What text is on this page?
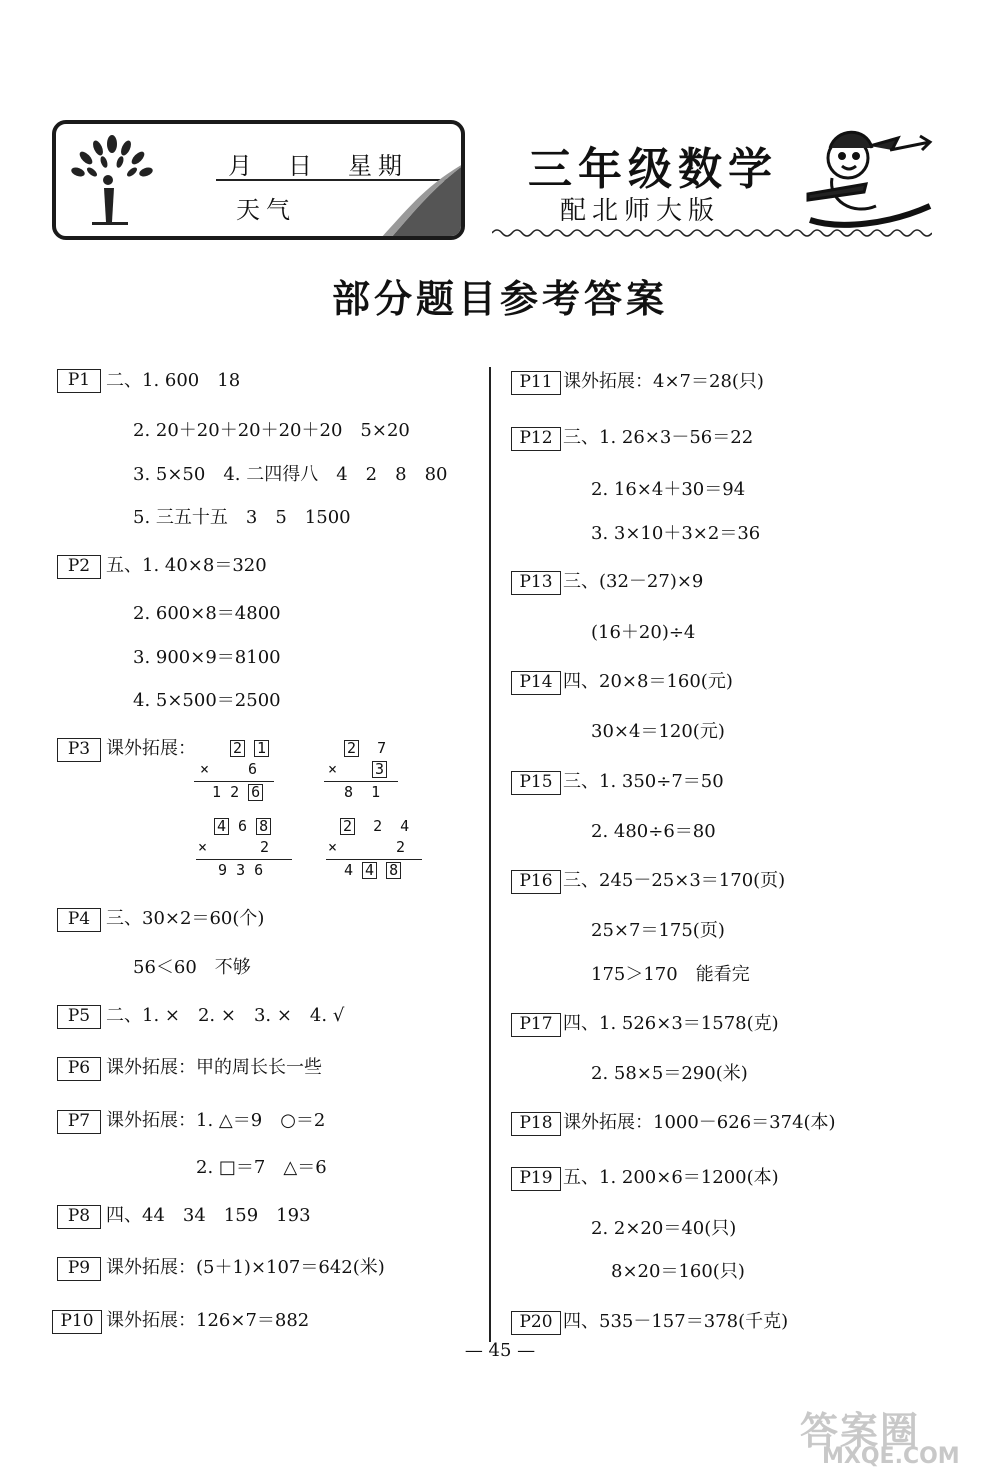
月　日　星期
天气
三年级数学
配北师大版
部分题目参考答案
P1 二、1. 600　18
2. 20＋20＋20＋20＋20　5×20
3. 5×50　4. 二四得八　4　2　8　80
5. 三五十五　3　5　1500
P2 五、1. 40×8＝320
2. 600×8＝4800
3. 900×9＝8100
4. 5×500＝2500
P3 课外拓展： 2 1
×	6
1 2 6
2 7
×	3
8 1
4 6 8
×	2
9 3 6
2 2 4
×	2
4 4 8
P4 三、30×2＝60(个)
56＜60　不够
P5 二、1. ×　2. ×　3. ×　4. √
P6 课外拓展：甲的周长长一些
P7 课外拓展：1. △＝9　○＝2
2. □＝7　△＝6
P8 四、44　34　159　193
P9 课外拓展：(5＋1)×107＝642(米)
P10 课外拓展：126×7＝882
P11 课外拓展：4×7＝28(只)
P12 三、1. 26×3－56＝22
2. 16×4＋30＝94
3. 3×10＋3×2＝36
P13 三、(32－27)×9
(16＋20)÷4
P14 四、20×8＝160(元)
30×4＝120(元)
P15 三、1. 350÷7＝50
2. 480÷6＝80
P16 三、245－25×3＝170(页)
25×7＝175(页)
175＞170　能看完
P17 四、1. 526×3＝1578(克)
2. 58×5＝290(米)
P18 课外拓展：1000－626＝374(本)
P19 五、1. 200×6＝1200(本)
2. 2×20＝40(只)
8×20＝160(只)
P20 四、535－157＝378(千克)
— 45 —
答案圈
MXQE.COM
